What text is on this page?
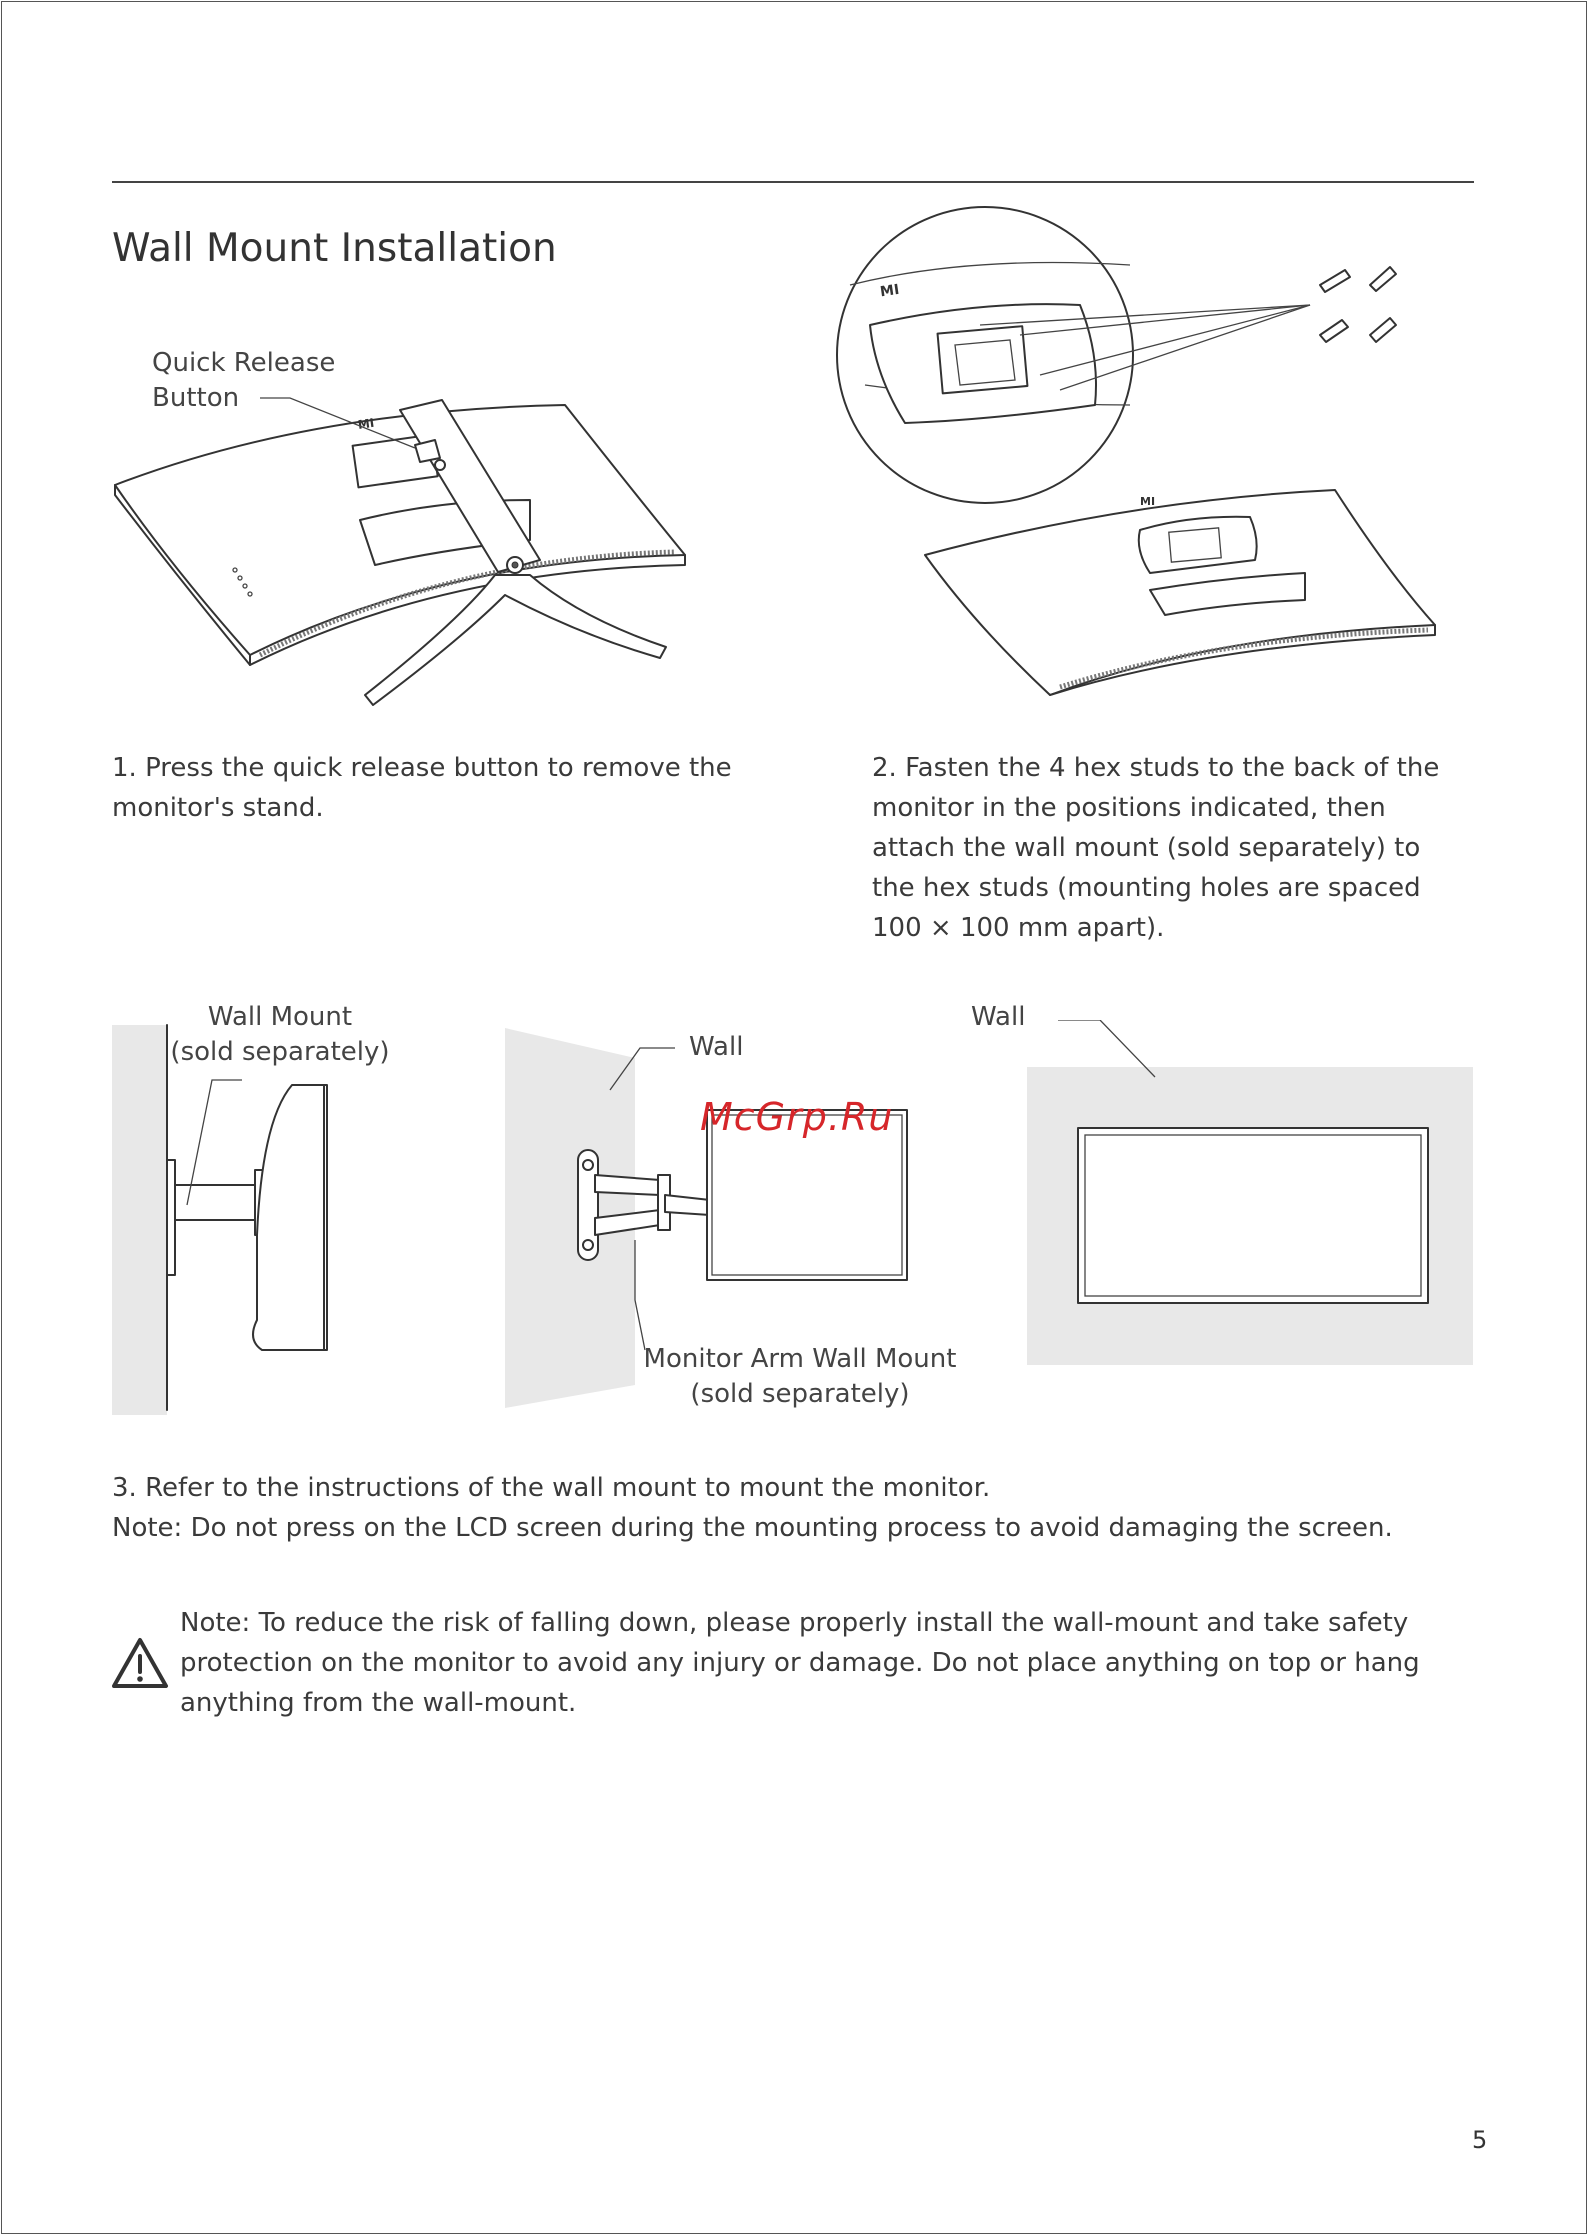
Wall Mount Installation
MI
Quick Release
Button
MI
MI

1. Press the quick release button to remove the

monitor's stand.

2. Fasten the 4 hex studs to the back of the

monitor in the positions indicated, then

attach the wall mount (sold separately) to

the hex studs (mounting holes are spaced

100 × 100 mm apart).

Wall Mount
(sold separately)	Wall
Monitor Arm Wall Mount
(sold separately)
Wall
McGrp.Ru

3. Refer to the instructions of the wall mount to mount the monitor.

Note: Do not press on the LCD screen during the mounting process to avoid damaging the screen.

Note: To reduce the risk of falling down, please properly install the wall-mount and take safety

protection on the monitor to avoid any injury or damage. Do not place anything on top or hang

anything from the wall-mount.

5
